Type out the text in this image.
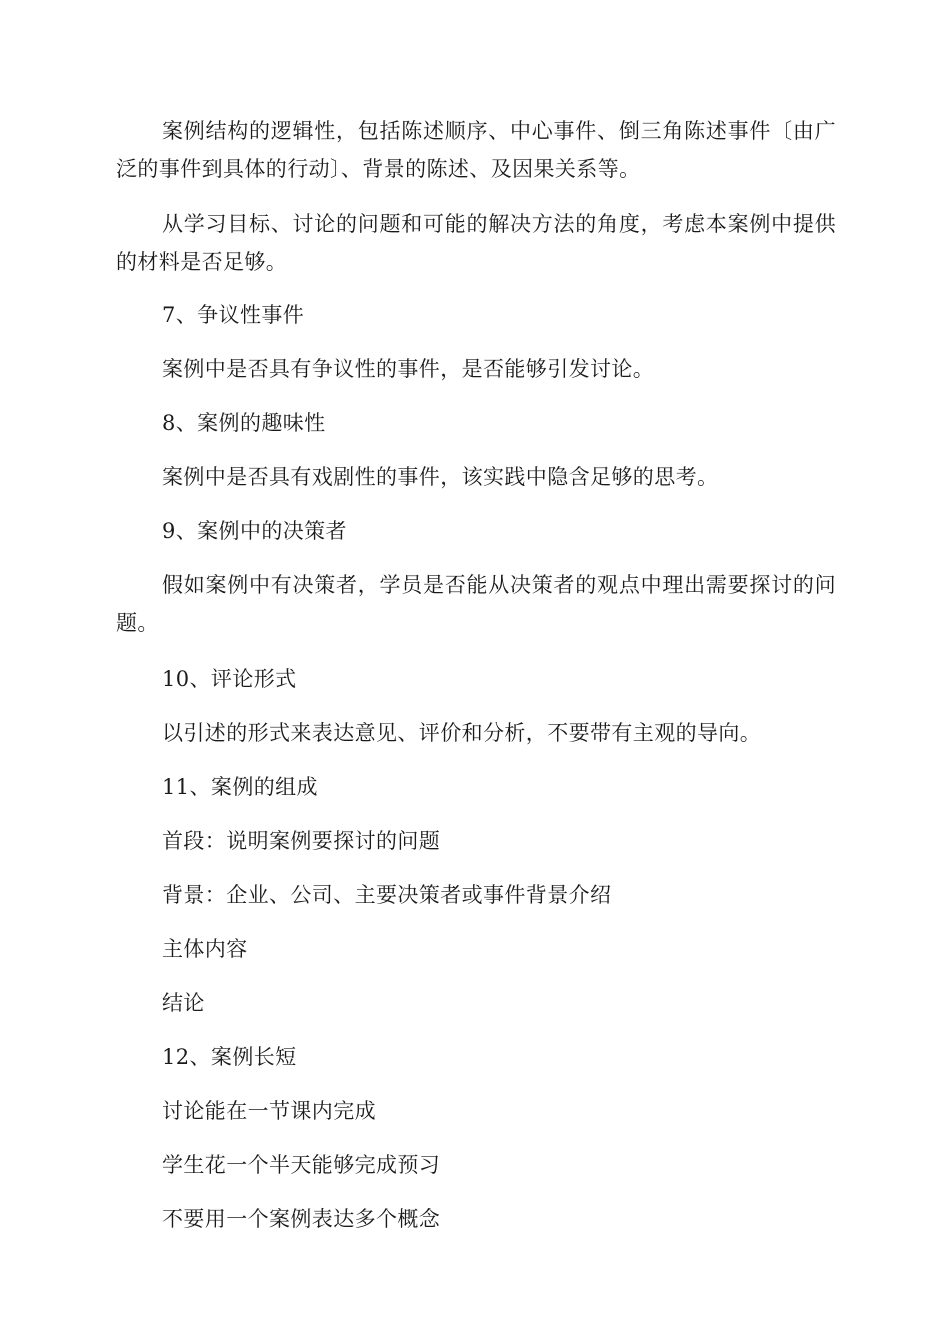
案例结构的逻辑性，包括陈述顺序、中心事件、倒三角陈述事件〔由广泛的事件到具体的行动〕、背景的陈述、及因果关系等。

从学习目标、讨论的问题和可能的解决方法的角度，考虑本案例中提供的材料是否足够。

7、争议性事件

案例中是否具有争议性的事件，是否能够引发讨论。

8、案例的趣味性

案例中是否具有戏剧性的事件，该实践中隐含足够的思考。

9、案例中的决策者

假如案例中有决策者，学员是否能从决策者的观点中理出需要探讨的问题。

10、评论形式

以引述的形式来表达意见、评价和分析，不要带有主观的导向。

11、案例的组成

首段：说明案例要探讨的问题

背景：企业、公司、主要决策者或事件背景介绍

主体内容

结论

12、案例长短

讨论能在一节课内完成

学生花一个半天能够完成预习

不要用一个案例表达多个概念
